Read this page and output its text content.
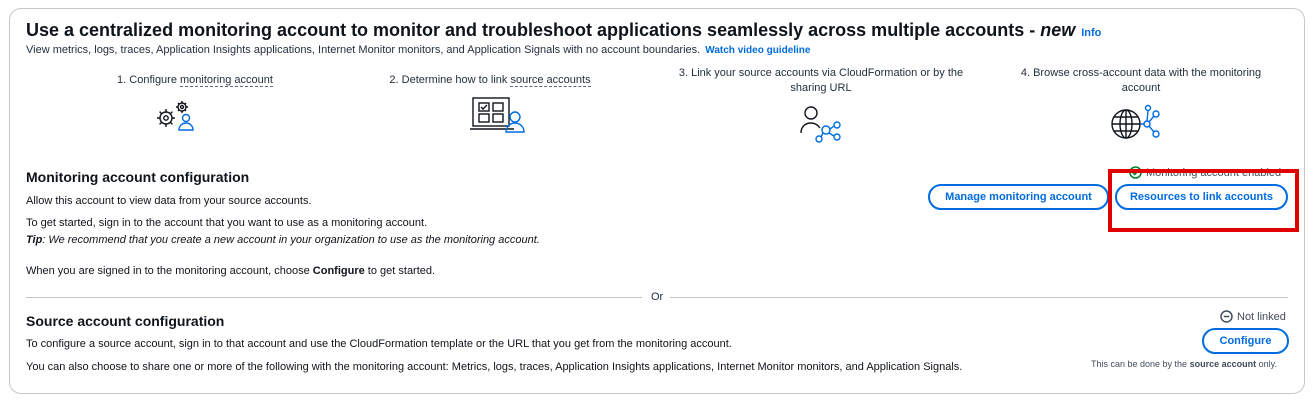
Use a centralized monitoring account to monitor and troubleshoot applications seamlessly across multiple accounts - new Info
View metrics, logs, traces, Application Insights applications, Internet Monitor monitors, and Application Signals with no account boundaries. Watch video guideline
1. Configure monitoring account	2. Determine how to link source accounts
3. Link your source accounts via CloudFormation or by the sharing URL
4. Browse cross-account data with the monitoring account
Monitoring account configuration
Allow this account to view data from your source accounts.
To get started, sign in to the account that you want to use as a monitoring account.
Tip: We recommend that you create a new account in your organization to use as the monitoring account.
When you are signed in to the monitoring account, choose Configure to get started.
Monitoring account enabled
Manage monitoring account	Resources to link accounts
Or
Source account configuration
To configure a source account, sign in to that account and use the CloudFormation template or the URL that you get from the monitoring account.
You can also choose to share one or more of the following with the monitoring account: Metrics, logs, traces, Application Insights applications, Internet Monitor monitors, and Application Signals.
Not linked
Configure
This can be done by the source account only.
